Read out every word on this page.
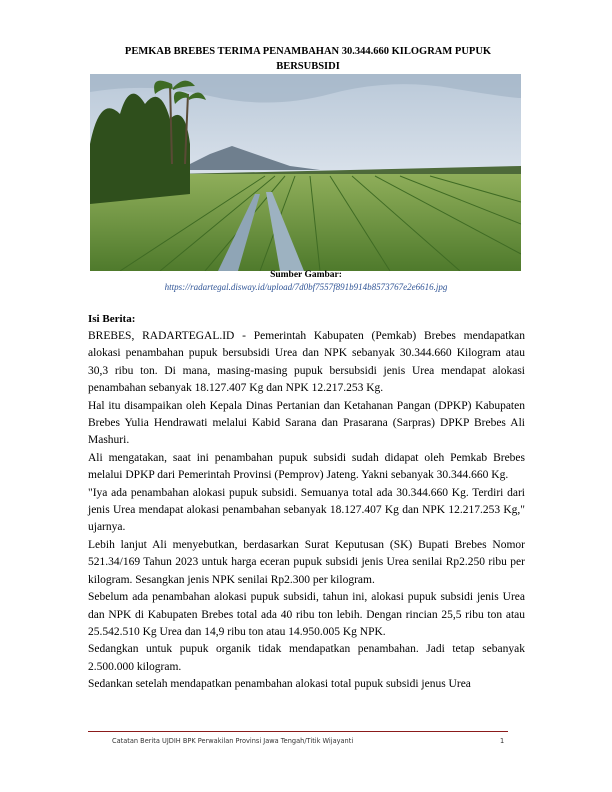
PEMKAB BREBES TERIMA PENAMBAHAN 30.344.660 KILOGRAM PUPUK
BERSUBSIDI
Sumber Gambar:
https://radartegal.disway.id/upload/7d0bf7557f891b914b8573767e2e6616.jpg
Isi Berita:

BREBES, RADARTEGAL.ID - Pemerintah Kabupaten (Pemkab) Brebes mendapatkan alokasi penambahan pupuk bersubsidi Urea dan NPK sebanyak 30.344.660 Kilogram atau 30,3 ribu ton. Di mana, masing-masing pupuk bersubsidi jenis Urea mendapat alokasi penambahan sebanyak 18.127.407 Kg dan NPK 12.217.253 Kg.

Hal itu disampaikan oleh Kepala Dinas Pertanian dan Ketahanan Pangan (DPKP) Kabupaten Brebes Yulia Hendrawati melalui Kabid Sarana dan Prasarana (Sarpras) DPKP Brebes Ali Mashuri.

Ali mengatakan, saat ini penambahan pupuk subsidi sudah didapat oleh Pemkab Brebes melalui DPKP dari Pemerintah Provinsi (Pemprov) Jateng. Yakni sebanyak 30.344.660 Kg.

"Iya ada penambahan alokasi pupuk subsidi. Semuanya total ada 30.344.660 Kg. Terdiri dari jenis Urea mendapat alokasi penambahan sebanyak 18.127.407 Kg dan NPK 12.217.253 Kg," ujarnya.

Lebih lanjut Ali menyebutkan, berdasarkan Surat Keputusan (SK) Bupati Brebes Nomor 521.34/169 Tahun 2023 untuk harga eceran pupuk subsidi jenis Urea senilai Rp2.250 ribu per kilogram. Sesangkan jenis NPK senilai Rp2.300 per kilogram.

Sebelum ada penambahan alokasi pupuk subsidi, tahun ini, alokasi pupuk subsidi jenis Urea dan NPK di Kabupaten Brebes total ada 40 ribu ton lebih. Dengan rincian 25,5 ribu ton atau 25.542.510 Kg Urea dan 14,9 ribu ton atau 14.950.005 Kg NPK.

Sedangkan untuk pupuk organik tidak mendapatkan penambahan. Jadi tetap sebanyak 2.500.000 kilogram.

Sedankan setelah mendapatkan penambahan alokasi total pupuk subsidi jenus Urea

Catatan Berita UJDIH BPK Perwakilan Provinsi Jawa Tengah/Titik Wijayanti	1
